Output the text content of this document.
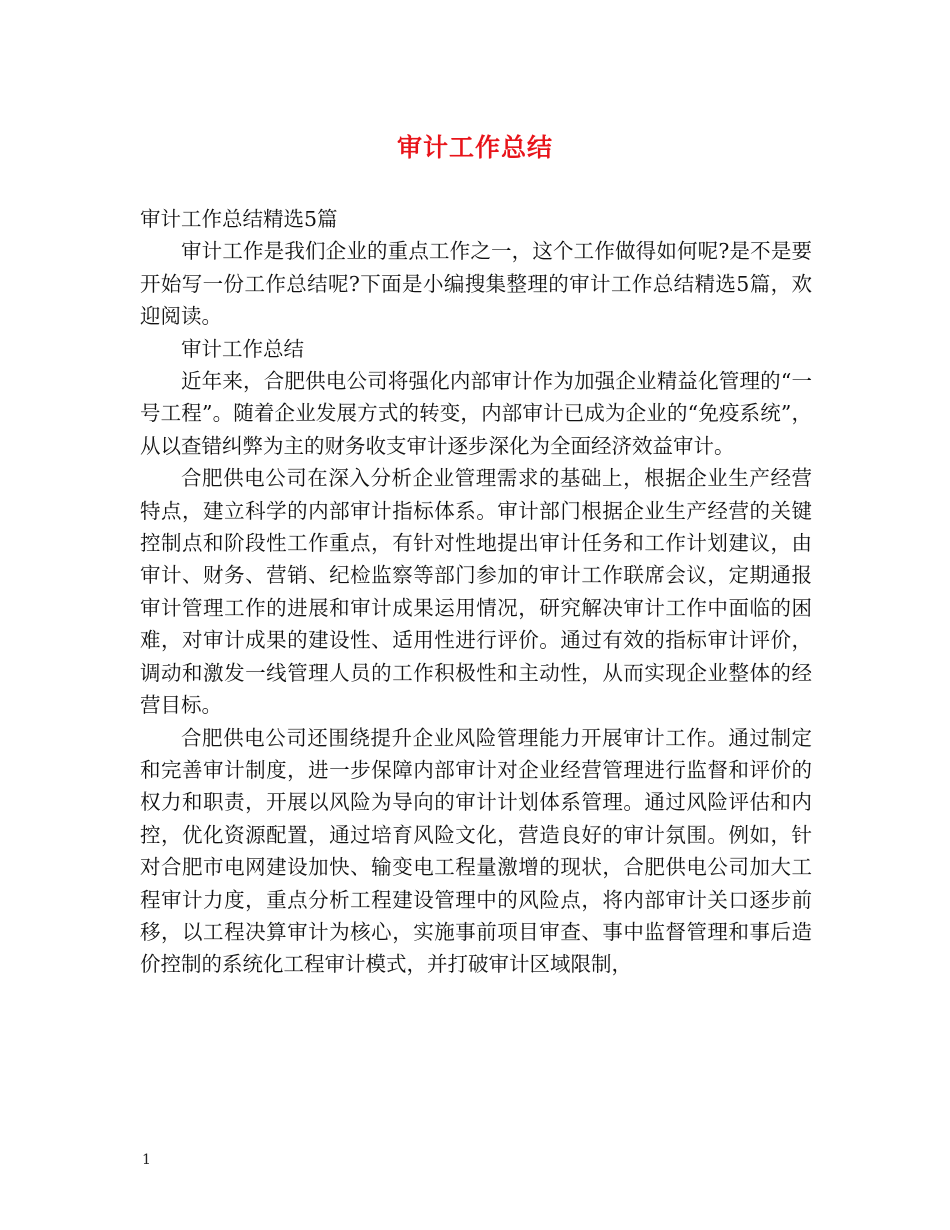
审计工作总结

审计工作总结精选5篇

审计工作是我们企业的重点工作之一，这个工作做得如何呢?是不是要开始写一份工作总结呢?下面是小编搜集整理的审计工作总结精选5篇，欢迎阅读。

审计工作总结

近年来，合肥供电公司将强化内部审计作为加强企业精益化管理的“一号工程”。随着企业发展方式的转变，内部审计已成为企业的“免疫系统”，从以查错纠弊为主的财务收支审计逐步深化为全面经济效益审计。

合肥供电公司在深入分析企业管理需求的基础上，根据企业生产经营特点，建立科学的内部审计指标体系。审计部门根据企业生产经营的关键控制点和阶段性工作重点，有针对性地提出审计任务和工作计划建议，由审计、财务、营销、纪检监察等部门参加的审计工作联席会议，定期通报审计管理工作的进展和审计成果运用情况，研究解决审计工作中面临的困难，对审计成果的建设性、适用性进行评价。通过有效的指标审计评价，调动和激发一线管理人员的工作积极性和主动性，从而实现企业整体的经营目标。

合肥供电公司还围绕提升企业风险管理能力开展审计工作。通过制定和完善审计制度，进一步保障内部审计对企业经营管理进行监督和评价的权力和职责，开展以风险为导向的审计计划体系管理。通过风险评估和内控，优化资源配置，通过培育风险文化，营造良好的审计氛围。例如，针对合肥市电网建设加快、输变电工程量激增的现状，合肥供电公司加大工程审计力度，重点分析工程建设管理中的风险点，将内部审计关口逐步前移，以工程决算审计为核心，实施事前项目审查、事中监督管理和事后造价控制的系统化工程审计模式，并打破审计区域限制，

1
